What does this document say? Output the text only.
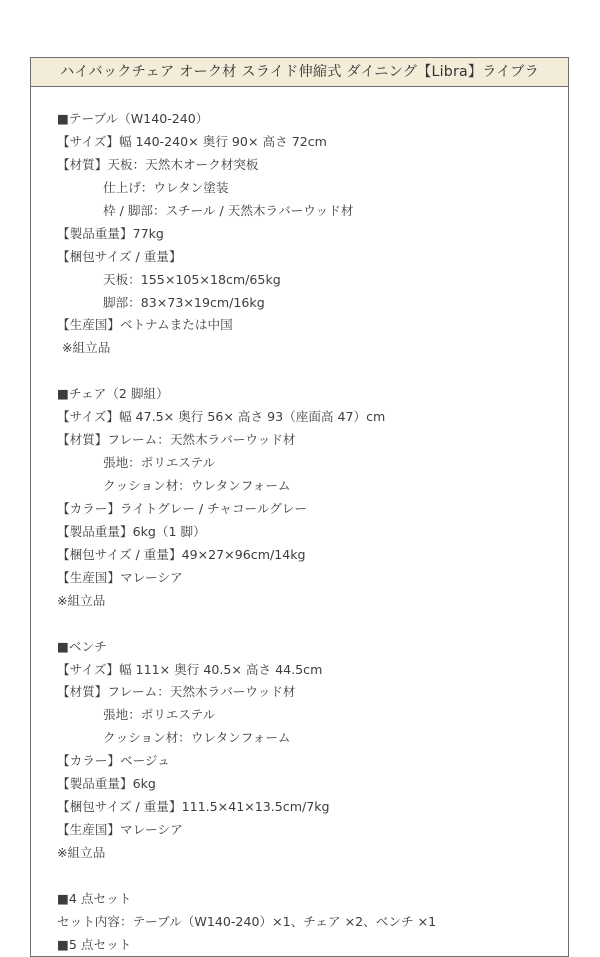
ハイバックチェア オーク材 スライド伸縮式 ダイニング【Libra】ライブラ
■テーブル（W140-240）
【サイズ】幅 140-240× 奥行 90× 高さ 72cm
【材質】天板：天然木オーク材突板
仕上げ：ウレタン塗装
枠 / 脚部：スチール / 天然木ラバーウッド材
【製品重量】77kg
【梱包サイズ / 重量】
天板：155×105×18cm/65kg
脚部：83×73×19cm/16kg
【生産国】ベトナムまたは中国
※組立品
■チェア（2 脚組）
【サイズ】幅 47.5× 奥行 56× 高さ 93（座面高 47）cm
【材質】フレーム：天然木ラバーウッド材
張地：ポリエステル
クッション材：ウレタンフォーム
【カラー】ライトグレー / チャコールグレー
【製品重量】6kg（1 脚）
【梱包サイズ / 重量】49×27×96cm/14kg
【生産国】マレーシア
※組立品
■ベンチ
【サイズ】幅 111× 奥行 40.5× 高さ 44.5cm
【材質】フレーム：天然木ラバーウッド材
張地：ポリエステル
クッション材：ウレタンフォーム
【カラー】ベージュ
【製品重量】6kg
【梱包サイズ / 重量】111.5×41×13.5cm/7kg
【生産国】マレーシア
※組立品
■4 点セット
セット内容：テーブル（W140-240）×1、チェア ×2、ベンチ ×1
■5 点セット
